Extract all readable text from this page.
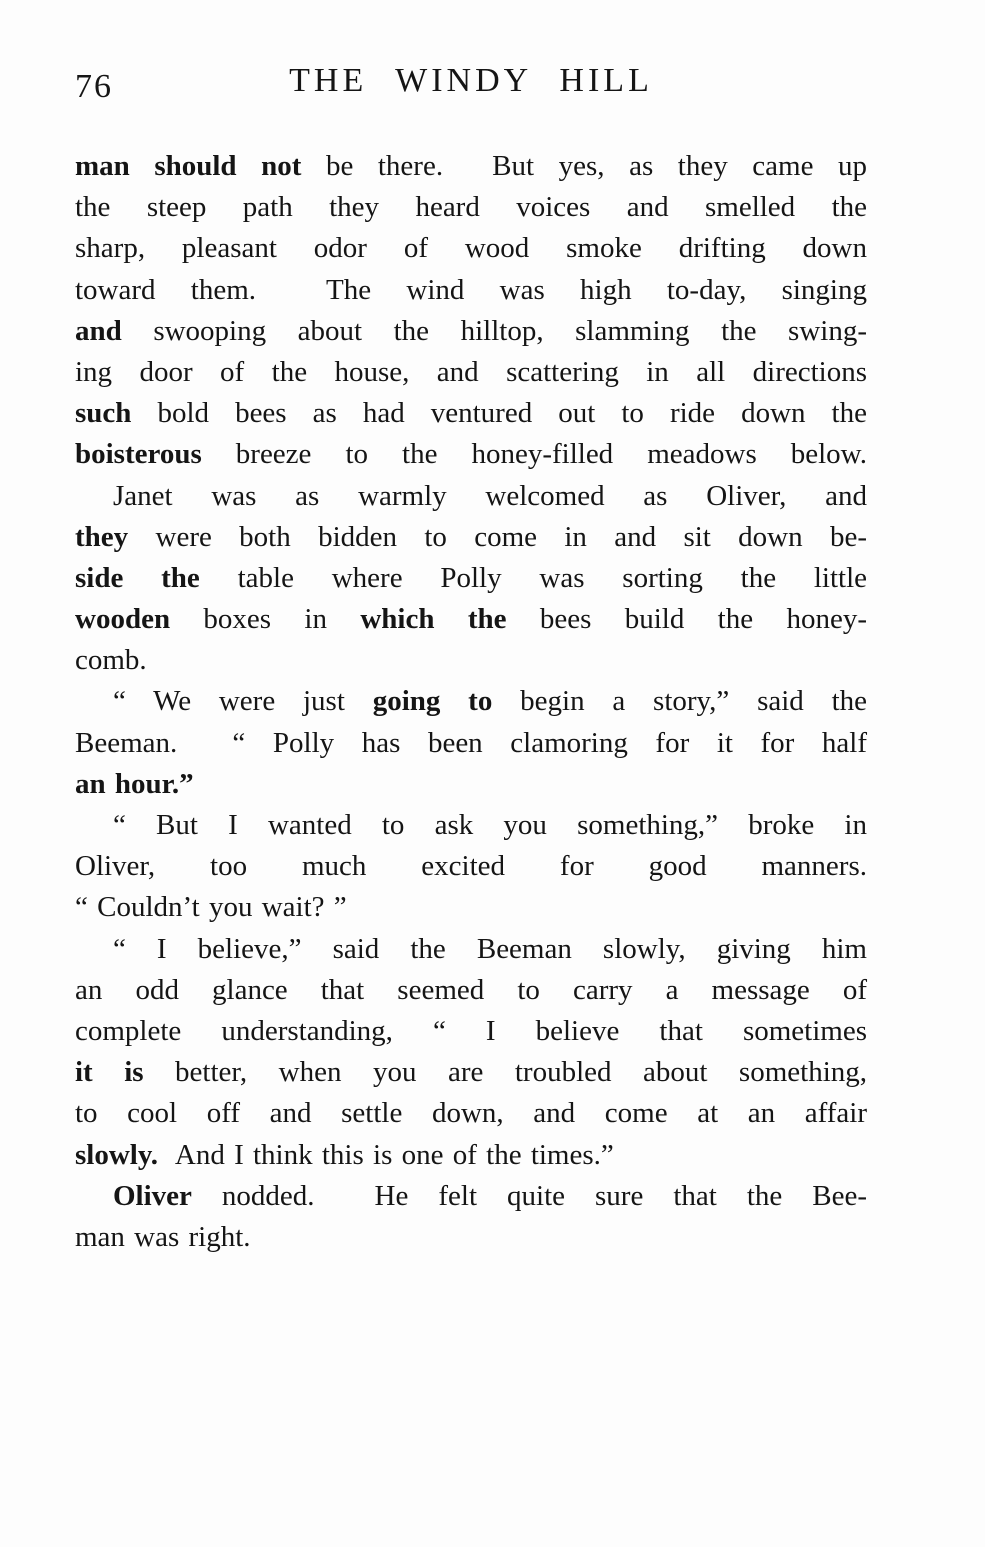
76	THE WINDY HILL
man should not be there.  But yes, as they came up
the steep path they heard voices and smelled the
sharp, pleasant odor of wood smoke drifting down
toward them.  The wind was high to-day, singing
and swooping about the hilltop, slamming the swing-
ing door of the house, and scattering in all directions
such bold bees as had ventured out to ride down the
boisterous breeze to the honey-filled meadows below.
Janet was as warmly welcomed as Oliver, and
they were both bidden to come in and sit down be-
side the table where Polly was sorting the little
wooden boxes in which the bees build the honey-
comb.
“ We were just going to begin a story,” said the
Beeman.  “ Polly has been clamoring for it for half
an hour.”
“ But I wanted to ask you something,” broke in
Oliver, too much excited for good manners.
“ Couldn’t you wait? ”
“ I believe,” said the Beeman slowly, giving him
an odd glance that seemed to carry a message of
complete understanding, “ I believe that sometimes
it is better, when you are troubled about something,
to cool off and settle down, and come at an affair
slowly.  And I think this is one of the times.”
Oliver nodded.  He felt quite sure that the Bee-
man was right.
